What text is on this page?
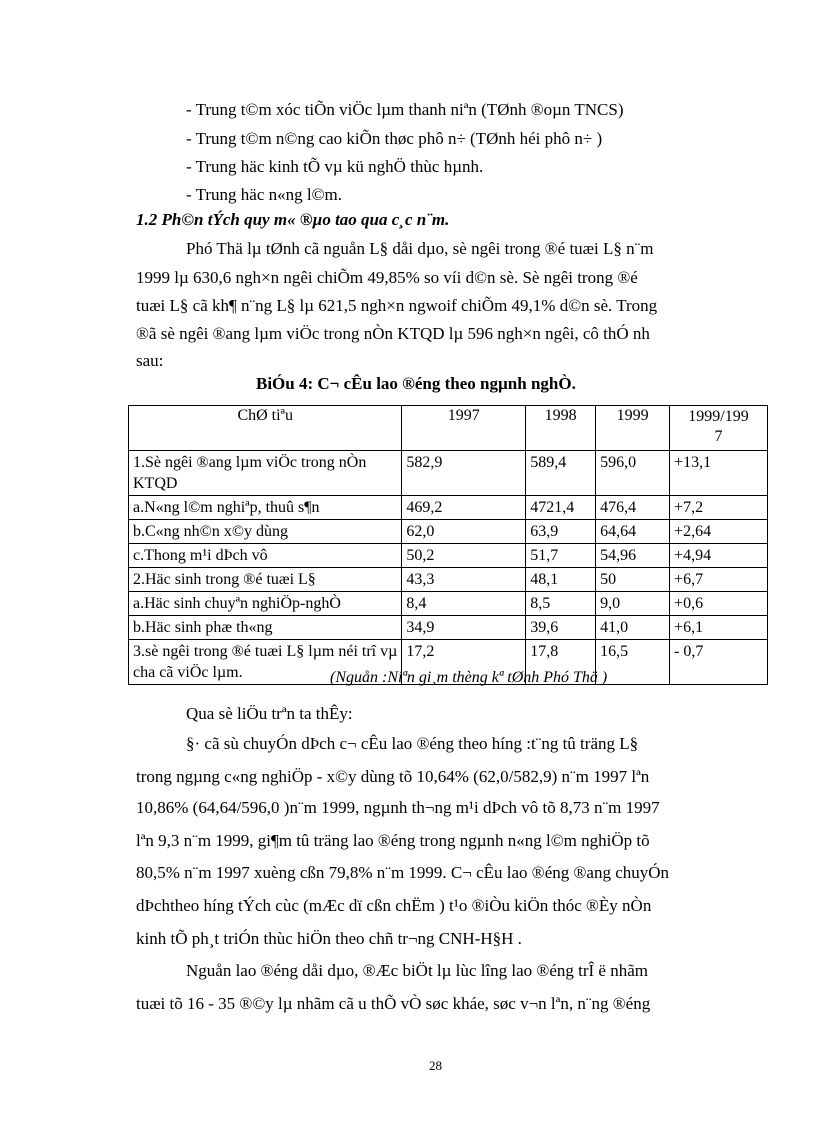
- Trung t©m xóc tiÕn viÖc lµm thanh niªn (TØnh ®oµn TNCS)
- Trung t©m n©ng cao kiÕn thøc phô n÷ (TØnh héi phô n÷ )
- Trung häc kinh tÕ vµ kü nghÖ thùc hµnh.
- Trung häc n«ng l©m.
1.2 Ph©n tÝch quy m« ®µo tao qua c¸c n¨m.
Phó Thä lµ tØnh cã nguån L§ dåi dµo, sè ngêi trong ®é tuæi L§ n¨m
1999 lµ 630,6 ngh×n ngêi chiÕm 49,85% so víi d©n sè. Sè ngêi trong ®é
tuæi L§ cã kh¶ n¨ng L§ lµ 621,5 ngh×n ngwoif chiÕm 49,1% d©n sè. Trong
®ã sè ngêi ®ang lµm viÖc trong nÒn KTQD lµ 596 ngh×n ngêi, cô thÓ nh
sau:
BiÓu 4: C¬ cÊu lao ®éng theo ngµnh nghÒ.
ChØ tiªu	1997	1998	1999	1999/199
7
1.Sè ngêi ®ang lµm viÖc trong nÒn KTQD	582,9	589,4	596,0	+13,1
a.N«ng l©m nghiªp, thuû s¶n	469,2	4721,4	476,4	+7,2
b.C«ng nh©n x©y dùng	62,0	63,9	64,64	+2,64
c.Thong m¹i dÞch vô	50,2	51,7	54,96	+4,94
2.Häc sinh trong ®é tuæi L§	43,3	48,1	50	+6,7
a.Häc sinh chuyªn nghiÖp-nghÒ	8,4	8,5	9,0	+0,6
b.Häc sinh phæ th«ng	34,9	39,6	41,0	+6,1
3.sè ngêi trong ®é tuæi L§ lµm néi trî vµ cha cã viÖc lµm.	17,2	17,8	16,5	- 0,7
(Nguån :Niªn gi¸m thèng kª tØnh Phó Thä )
Qua sè liÖu trªn ta thÊy:
§· cã sù chuyÓn dÞch c¬ cÊu lao ®éng theo híng :t¨ng tû träng L§
trong ngµng c«ng nghiÖp - x©y dùng tõ 10,64% (62,0/582,9) n¨m 1997 lªn
10,86% (64,64/596,0 )n¨m 1999, ngµnh th¬ng m¹i dÞch vô tõ 8,73 n¨m 1997
lªn 9,3 n¨m 1999, gi¶m tû träng lao ®éng trong ngµnh n«ng l©m nghiÖp tõ
80,5% n¨m 1997 xuèng cßn 79,8% n¨m 1999. C¬ cÊu lao ®éng ®ang chuyÓn
dÞchtheo híng tÝch cùc (mÆc dï cßn chËm ) t¹o ®iÒu kiÖn thóc ®Èy nÒn
kinh tÕ ph¸t triÓn thùc hiÖn theo chñ tr¬ng CNH-H§H .
Nguån lao ®éng dåi dµo, ®Æc biÖt lµ lùc lîng lao ®éng trÎ ë nhãm
tuæi tõ 16 - 35 ®©y lµ nhãm cã u thÕ vÒ søc kháe, søc v¬n lªn, n¨ng ®éng
28
